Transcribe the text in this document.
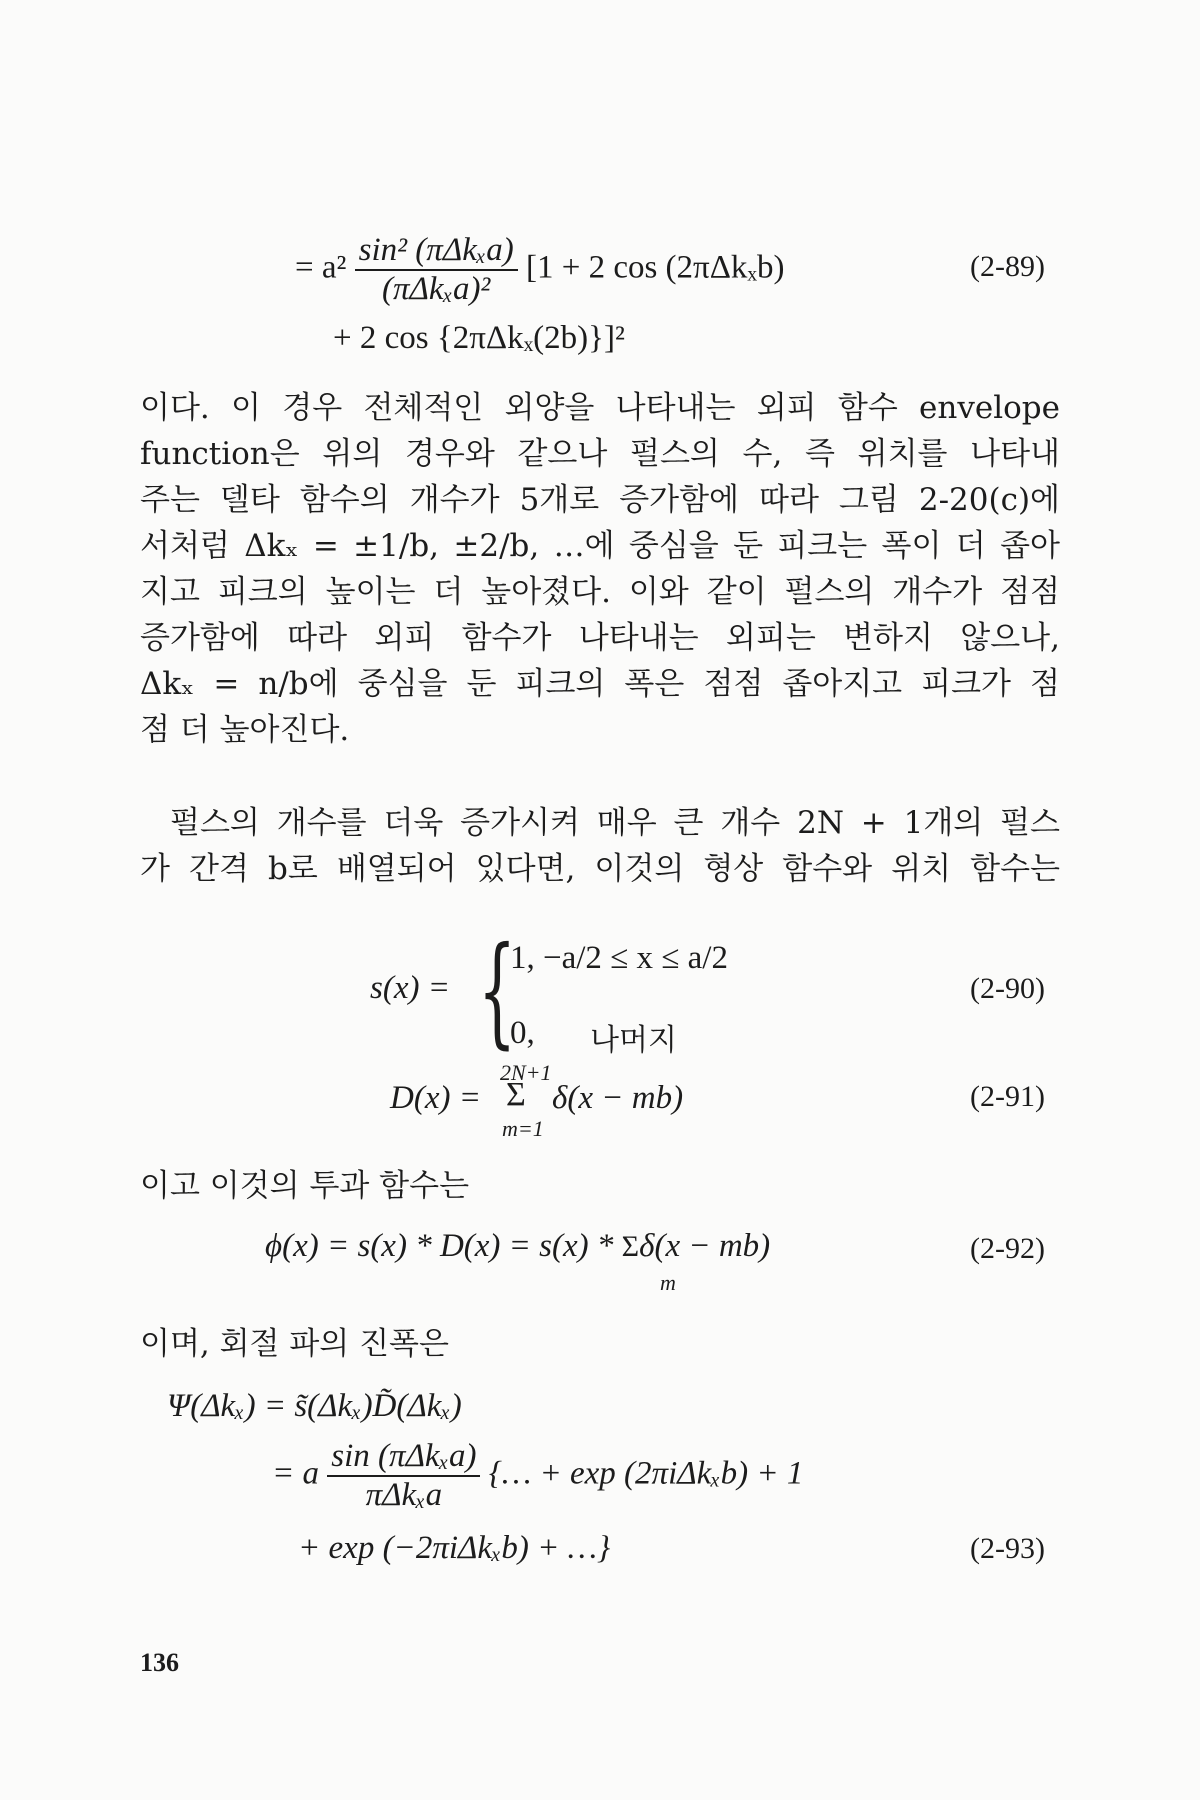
= $a^2 \frac{\text{sin² (πΔkₓa)}}{\text{(πΔkₓa)²}} [1 + 2$ cos (2πΔkₓb)	(2-89)
+ 2 cos {2πΔkₓ(2b)}]²
이다. 이 경우 전체적인 외양을 나타내는 외피 함수 envelope
function은 위의 경우와 같으나 펄스의 수, 즉 위치를 나타내
주는 델타 함수의 개수가 5개로 증가함에 따라 그림 2-20(c)에
서처럼 Δkₓ = ±1/b, ±2/b, …에 중심을 둔 피크는 폭이 더 좁아
지고 피크의 높이는 더 높아졌다. 이와 같이 펄스의 개수가 점점
증가함에 따라 외피 함수가 나타내는 외피는 변하지 않으나,
Δkₓ = n/b에 중심을 둔 피크의 폭은 점점 좁아지고 피크가 점
점 더 높아진다.
펄스의 개수를 더욱 증가시켜 매우 큰 개수 2N + 1개의 펄스
가 간격 b로 배열되어 있다면, 이것의 형상 함수와 위치 함수는
s(x) = {
1, −a/2 ≤ x ≤ a/2
0, 나머지
(2-90)
D(x) =
2N+1
Σ
m=1
δ(x − mb)	(2-91)
이고 이것의 투과 함수는
ϕ(x) = s(x) * D(x) = s(x) * Σδ(x − mb)
m
(2-92)
이며, 회절 파의 진폭은
Ψ(Δkₓ) = s̃(Δkₓ)D̃(Δkₓ)
= a $\frac{\text{sin (πΔkₓa)}}{\text{πΔkₓa}}$ {… + exp (2πiΔkₓb) + 1
+ exp (−2πiΔkₓb) + …}	(2-93)
136
